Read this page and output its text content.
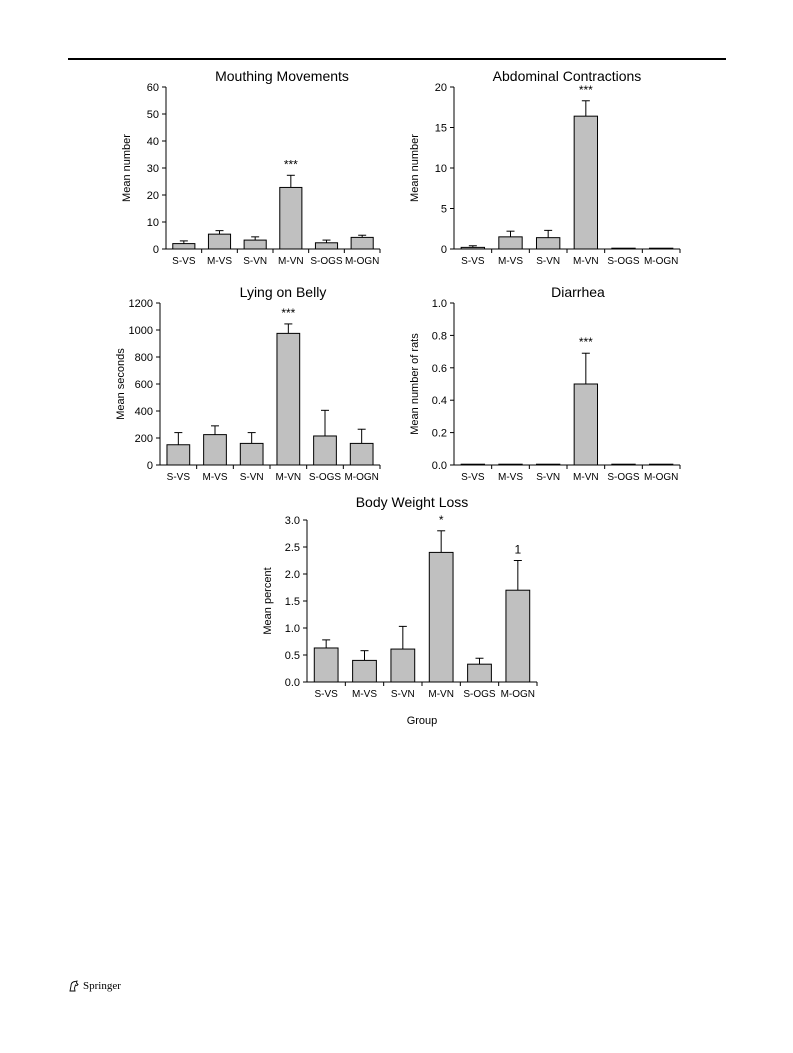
Mouthing Movements
Mean number
0
10
20
30
40
50
60
S-VS M-VS S-VN
***
M-VN S-OGS M-OGN
Abdominal Contractions
Mean number
0
5
10
15
20
S-VS M-VS S-VN
***
M-VN S-OGS M-OGN
Lying on Belly
Mean seconds
0
200
400
600
800
1000
1200
S-VS M-VS S-VN
***
M-VN S-OGS M-OGN
Diarrhea
Mean number of rats
0.0
0.2
0.4
0.6
0.8
1.0
S-VS M-VS S-VN
***
M-VN S-OGS M-OGN
Body Weight Loss
Mean percent
Group
0.0
0.5
1.0
1.5
2.0
2.5
3.0
S-VS M-VS S-VN
*
M-VN S-OGS
1
M-OGN
Springer
